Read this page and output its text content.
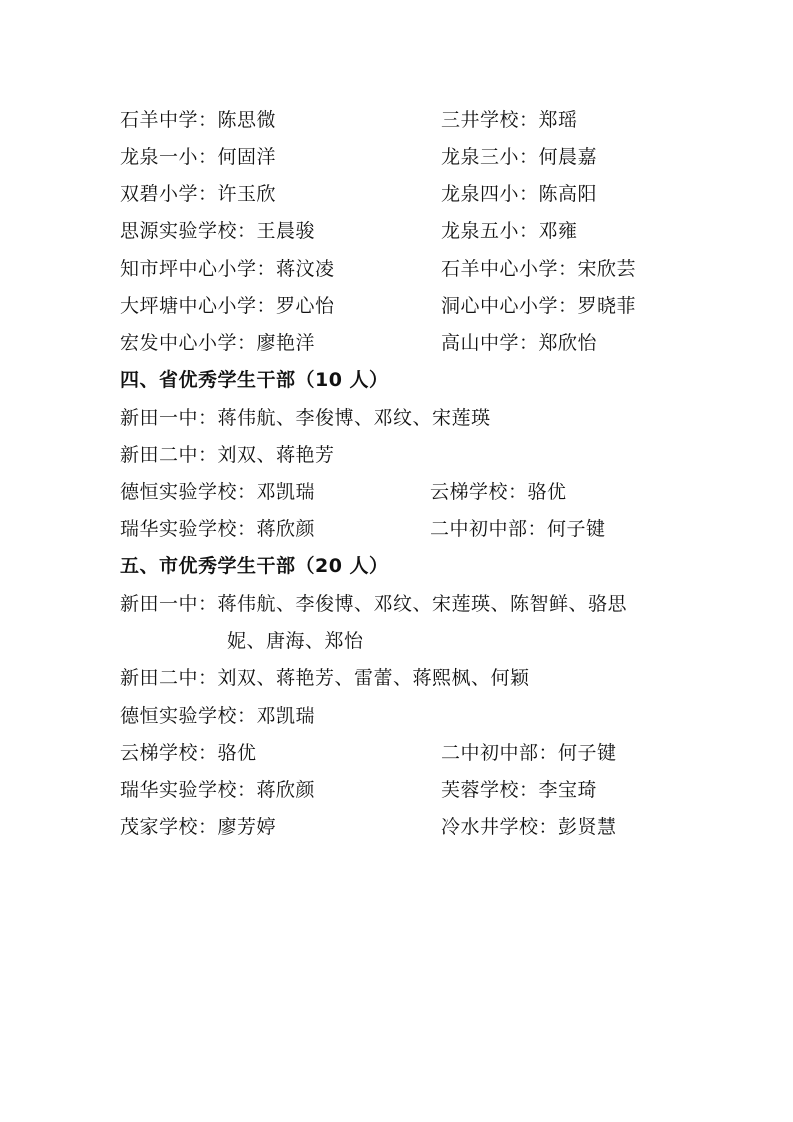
石羊中学：陈思微	三井学校：郑瑶
龙泉一小：何固洋	龙泉三小：何晨嘉
双碧小学：许玉欣	龙泉四小：陈高阳
思源实验学校：王晨骏	龙泉五小：邓雍
知市坪中心小学：蒋汶凌	石羊中心小学：宋欣芸
大坪塘中心小学：罗心怡	洞心中心小学：罗晓菲
宏发中心小学：廖艳洋	高山中学：郑欣怡
四、省优秀学生干部（10 人）
新田一中：蒋伟航、李俊博、邓纹、宋莲瑛
新田二中：刘双、蒋艳芳
德恒实验学校：邓凯瑞	云梯学校：骆优
瑞华实验学校：蒋欣颜	二中初中部：何子键
五、市优秀学生干部（20 人）
新田一中：蒋伟航、李俊博、邓纹、宋莲瑛、陈智鲜、骆思
妮、唐海、郑怡
新田二中：刘双、蒋艳芳、雷蕾、蒋熙枫、何颖
德恒实验学校：邓凯瑞
云梯学校：骆优	二中初中部：何子键
瑞华实验学校：蒋欣颜	芙蓉学校：李宝琦
茂家学校：廖芳婷	冷水井学校：彭贤慧
